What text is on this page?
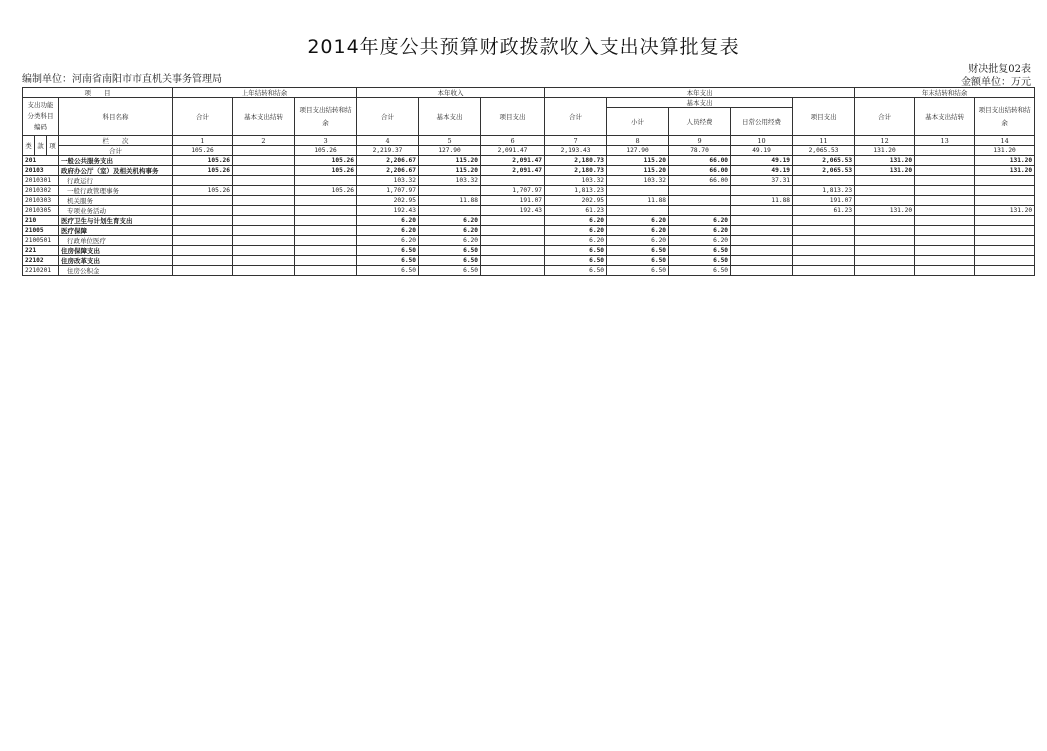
2014年度公共预算财政拨款收入支出决算批复表
财决批复02表
编制单位：河南省南阳市市直机关事务管理局	金额单位：万元
项　　目				上年结转和结余			本年收入			本年支出					年末结转和结余		
支出功能分类科目编码			科目名称	合计	基本支出结转	项目支出结转和结余	合计	基本支出	项目支出	合计	基本支出			项目支出	合计	基本支出结转	项目支出结转和结余
											小计	人员经费	日常公用经费				
类	款	项	栏　　次	1	2	3	4	5	6	7	8	9	10	11	12	13	14
			合计	105.26		105.26	2,219.37	127.90	2,091.47	2,193.43	127.90	78.70	49.19	2,065.53	131.20		131.20
201			一般公共服务支出	105.26		105.26	2,206.67	115.20	2,091.47	2,180.73	115.20	66.00	49.19	2,065.53	131.20		131.20
20103			政府办公厅（室）及相关机构事务	105.26		105.26	2,206.67	115.20	2,091.47	2,180.73	115.20	66.00	49.19	2,065.53	131.20		131.20
2010301			行政运行				103.32	103.32		103.32	103.32	66.00	37.31				
2010302			一般行政管理事务	105.26		105.26	1,707.97		1,707.97	1,813.23				1,813.23			
2010303			机关服务				202.95	11.88	191.07	202.95	11.88		11.88	191.07			
2010305			专项业务活动				192.43		192.43	61.23				61.23	131.20		131.20
210			医疗卫生与计划生育支出				6.20	6.20		6.20	6.20	6.20					
21005			医疗保障				6.20	6.20		6.20	6.20	6.20					
2100501			行政单位医疗				6.20	6.20		6.20	6.20	6.20					
221			住房保障支出				6.50	6.50		6.50	6.50	6.50					
22102			住房改革支出				6.50	6.50		6.50	6.50	6.50					
2210201			住房公积金				6.50	6.50		6.50	6.50	6.50					
